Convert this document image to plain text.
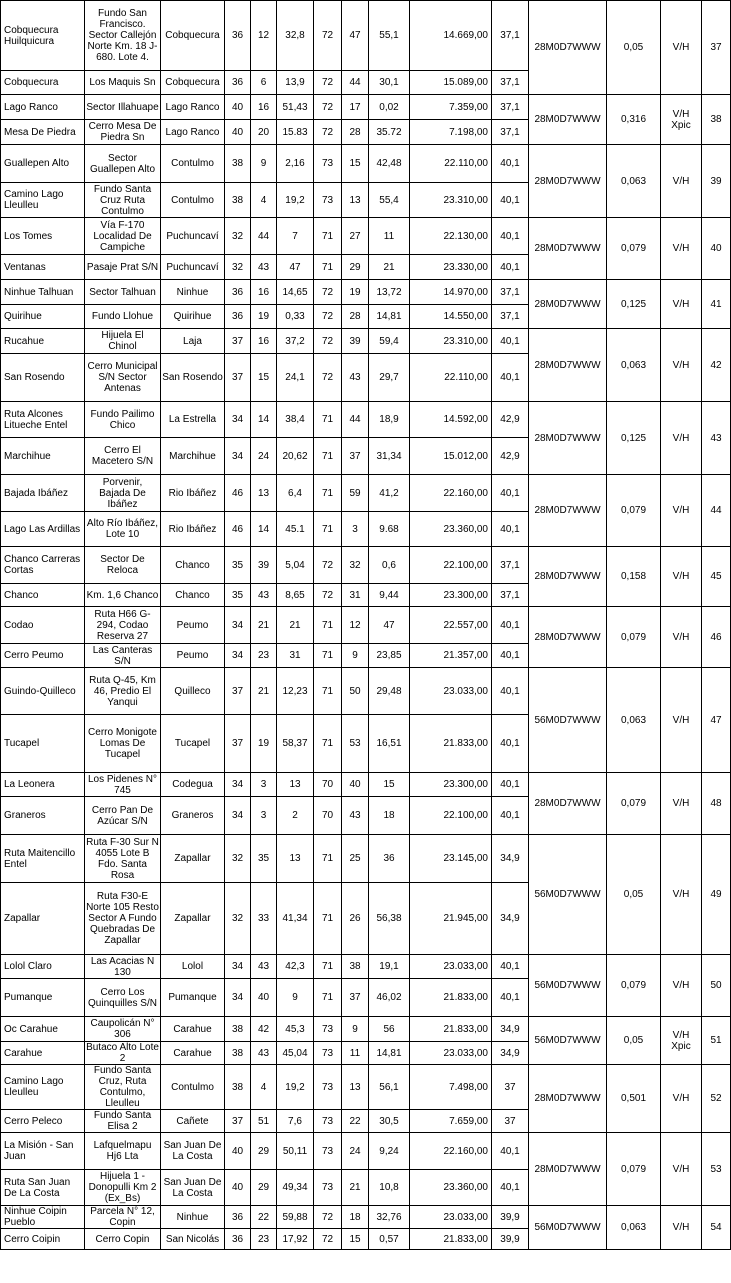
Cobquecura Huilquicura	Fundo San Francisco. Sector Callejón Norte Km. 18 J-680. Lote 4.	Cobquecura	36	12	32,8	72	47	55,1	14.669,00	37,1	28M0D7WWW	0,05	V/H	37
Cobquecura	Los Maquis Sn	Cobquecura	36	6	13,9	72	44	30,1	15.089,00	37,1				
Lago Ranco	Sector Illahuape	Lago Ranco	40	16	51,43	72	17	0,02	7.359,00	37,1	28M0D7WWW	0,316	V/H Xpic	38
Mesa De Piedra	Cerro Mesa De Piedra Sn	Lago Ranco	40	20	15.83	72	28	35.72	7.198,00	37,1				
Guallepen Alto	Sector Guallepen Alto	Contulmo	38	9	2,16	73	15	42,48	22.110,00	40,1	28M0D7WWW	0,063	V/H	39
Camino Lago Lleulleu	Fundo Santa Cruz Ruta Contulmo	Contulmo	38	4	19,2	73	13	55,4	23.310,00	40,1				
Los Tomes	Vía F-170 Localidad De Campiche	Puchuncaví	32	44	7	71	27	11	22.130,00	40,1	28M0D7WWW	0,079	V/H	40
Ventanas	Pasaje Prat S/N	Puchuncaví	32	43	47	71	29	21	23.330,00	40,1				
Ninhue Talhuan	Sector Talhuan	Ninhue	36	16	14,65	72	19	13,72	14.970,00	37,1	28M0D7WWW	0,125	V/H	41
Quirihue	Fundo Llohue	Quirihue	36	19	0,33	72	28	14,81	14.550,00	37,1				
Rucahue	Hijuela El Chinol	Laja	37	16	37,2	72	39	59,4	23.310,00	40,1	28M0D7WWW	0,063	V/H	42
San Rosendo	Cerro Municipal S/N Sector Antenas	San Rosendo	37	15	24,1	72	43	29,7	22.110,00	40,1				
Ruta Alcones Litueche Entel	Fundo Pailimo Chico	La Estrella	34	14	38,4	71	44	18,9	14.592,00	42,9	28M0D7WWW	0,125	V/H	43
Marchihue	Cerro El Macetero S/N	Marchihue	34	24	20,62	71	37	31,34	15.012,00	42,9				
Bajada Ibáñez	Porvenir, Bajada De Ibáñez	Rio Ibáñez	46	13	6,4	71	59	41,2	22.160,00	40,1	28M0D7WWW	0,079	V/H	44
Lago Las Ardillas	Alto Río Ibáñez, Lote 10	Rio Ibáñez	46	14	45.1	71	3	9.68	23.360,00	40,1				
Chanco Carreras Cortas	Sector De Reloca	Chanco	35	39	5,04	72	32	0,6	22.100,00	37,1	28M0D7WWW	0,158	V/H	45
Chanco	Km. 1,6 Chanco	Chanco	35	43	8,65	72	31	9,44	23.300,00	37,1				
Codao	Ruta H66 G-294, Codao Reserva 27	Peumo	34	21	21	71	12	47	22.557,00	40,1	28M0D7WWW	0,079	V/H	46
Cerro Peumo	Las Canteras S/N	Peumo	34	23	31	71	9	23,85	21.357,00	40,1				
Guindo-Quilleco	Ruta Q-45, Km 46, Predio El Yanqui	Quilleco	37	21	12,23	71	50	29,48	23.033,00	40,1	56M0D7WWW	0,063	V/H	47
Tucapel	Cerro Monigote Lomas De Tucapel	Tucapel	37	19	58,37	71	53	16,51	21.833,00	40,1				
La Leonera	Los Pidenes N° 745	Codegua	34	3	13	70	40	15	23.300,00	40,1	28M0D7WWW	0,079	V/H	48
Graneros	Cerro Pan De Azúcar S/N	Graneros	34	3	2	70	43	18	22.100,00	40,1				
Ruta Maitencillo Entel	Ruta F-30 Sur N 4055 Lote B Fdo. Santa Rosa	Zapallar	32	35	13	71	25	36	23.145,00	34,9	56M0D7WWW	0,05	V/H	49
Zapallar	Ruta F30-E Norte 105 Resto Sector A Fundo Quebradas De Zapallar	Zapallar	32	33	41,34	71	26	56,38	21.945,00	34,9				
Lolol Claro	Las Acacias N 130	Lolol	34	43	42,3	71	38	19,1	23.033,00	40,1	56M0D7WWW	0,079	V/H	50
Pumanque	Cerro Los Quinquilles S/N	Pumanque	34	40	9	71	37	46,02	21.833,00	40,1				
Oc Carahue	Caupolicán N° 306	Carahue	38	42	45,3	73	9	56	21.833,00	34,9	56M0D7WWW	0,05	V/H Xpic	51
Carahue	Butaco Alto Lote 2	Carahue	38	43	45,04	73	11	14,81	23.033,00	34,9				
Camino Lago Lleulleu	Fundo Santa Cruz, Ruta Contulmo, Lleulleu	Contulmo	38	4	19,2	73	13	56,1	7.498,00	37	28M0D7WWW	0,501	V/H	52
Cerro Peleco	Fundo Santa Elisa 2	Cañete	37	51	7,6	73	22	30,5	7.659,00	37				
La Misión - San Juan	Lafquelmapu Hj6 Lta	San Juan De La Costa	40	29	50,11	73	24	9,24	22.160,00	40,1	28M0D7WWW	0,079	V/H	53
Ruta San Juan De La Costa	Hijuela 1 - Donopulli Km 2 (Ex_Bs)	San Juan De La Costa	40	29	49,34	73	21	10,8	23.360,00	40,1				
Ninhue Coipin Pueblo	Parcela N° 12, Copin	Ninhue	36	22	59,88	72	18	32,76	23.033,00	39,9	56M0D7WWW	0,063	V/H	54
Cerro Coipin	Cerro Copin	San Nicolás	36	23	17,92	72	15	0,57	21.833,00	39,9				
